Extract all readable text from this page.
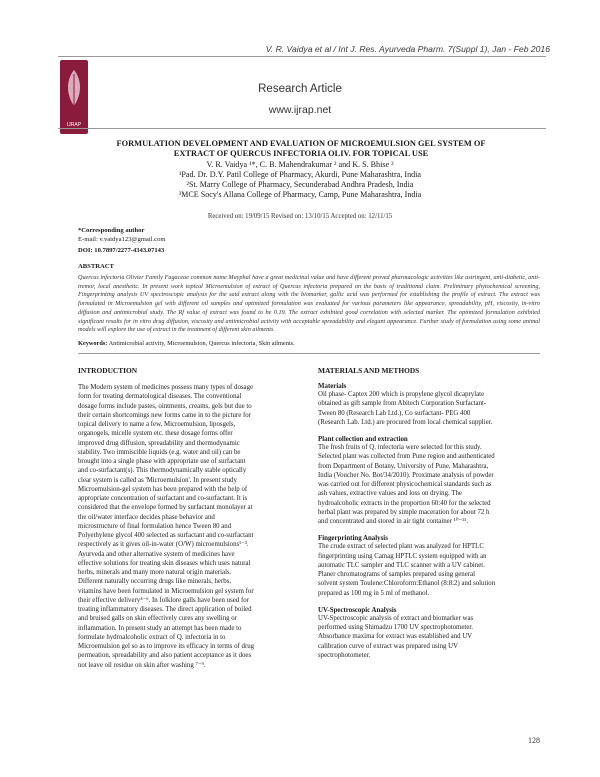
V. R. Vaidya et al / Int J. Res. Ayurveda Pharm. 7(Suppl 1), Jan - Feb 2016
IJRAP
Research Article
www.ijrap.net
FORMULATION DEVELOPMENT AND EVALUATION OF MICROEMULSION GEL SYSTEM OF
EXTRACT OF QUERCUS INFECTORIA OLIV. FOR TOPICAL USE
V. R. Vaidya ¹*, C. B. Mahendrakumar ² and K. S. Bhise ³
¹Pad. Dr. D.Y. Patil College of Pharmacy, Akurdi, Pune Maharashtra, India
²St. Marry College of Pharmacy, Secunderabad Andhra Pradesh, India
³MCE Socy's Allana College of Pharmacy, Camp, Pune Maharashtra, India
Received on: 19/09/15 Revised on: 13/10/15 Accepted on: 12/11/15
*Corresponding author
E-mail: v.vaidya123@gmail.com
DOI: 10.7897/2277-4343.07143
ABSTRACT
Quercus infectoria Olivier Family Fagaceae common name Mayphal have a great medicinal value and have different proved pharmacologic activities like astringent, anti-diabetic, anti-tremor, local anesthetic. In present work topical Microemulsion of extract of Quercus infectoria prepared on the basis of traditional claim. Preliminary phytochemical screening, Fingerprinting analysis UV spectroscopic analysis for the said extract along with the biomarker, gallic acid was performed for establishing the profile of extract. The extract was formulated in Microemulsion gel with different oil samples and optimized formulation was evaluated for various parameters like appearance, spreadability, pH, viscosity, in-vitro diffusion and antimicrobial study. The Rf value of extract was found to be 0.19. The extract exhibited good correlation with selected marker. The optimized formulation exhibited significant results for in vitro drug diffusion, viscosity and antimicrobial activity with acceptable spreadability and elegant appearance. Further study of formulation using some animal models will explore the use of extract in the treatment of different skin ailments.
Keywords: Antimicrobial activity, Microemulsion, Quercus infectoria, Skin ailments.
INTRODUCTION
The Modern system of medicines possess many types of dosage
form for treating dermatological diseases. The conventional
dosage forms include pastes, ointments, creams, gels but due to
their certain shortcomings new forms came in to the picture for
topical delivery to name a few, Microemulsion, liposgels,
organogels, micelle system etc. these dosage forms offer
improved drug diffusion, spreadability and thermodynamic
stability. Two immiscible liquids (e.g. water and oil) can be
brought into a single phase with appropriate use of surfactant
and co-surfactant(s). This thermodynamically stable optically
clear system is called as 'Microemulsion'. In present study
Microemulsion-gel system has been prepared with the help of
appropriate concentration of surfactant and co-surfactant. It is
considered that the envelope formed by surfactant monolayer at
the oil/water interface decides phase behavior and
microstructure of final formulation hence Tween 80 and
Polyethylene glycol 400 selected as surfactant and co-surfactant
respectively as it gives oil-in-water (O/W) microemulsions¹⁻³.
Ayurveda and other alternative system of medicines have
effective solutions for treating skin diseases which uses natural
herbs, minerals and many more natural origin materials.
Different naturally occurring drugs like minerals, herbs,
vitamins have been formulated in Microemulsion gel system for
their effective delivery⁴⁻⁶. In folklore galls have been used for
treating inflammatory diseases. The direct application of boiled
and bruised galls on skin effectively cures any swelling or
inflammation. In present study an attempt has been made to
formulate hydroalcoholic extract of Q. infectoria in to
Microemulsion gel so as to improve its efficacy in terms of drug
permeation, spreadability and also patient acceptance as it does
not leave oil residue on skin after washing ⁷⁻⁹.
MATERIALS AND METHODS
Materials
Oil phase- Captex 200 which is propylene glycol dicaprylate
obtained as gift sample from Abitech Corporation Surfactant-
Tween 80 (Research Lab Ltd.), Co surfactant- PEG 400
(Research Lab. Ltd.) are procured from local chemical supplier.
Plant collection and extraction
The fresh fruits of Q. infectoria were selected for this study.
Selected plant was collected from Pune region and authenticated
from Department of Botany, University of Pune, Maharashtra,
India (Voucher No. Bot/34/2010). Proximate analysis of powder
was carried out for different physicochemical standards such as
ash values, extractive values and loss on drying. The
hydroalcoholic extracts in the proportion 60:40 for the selected
herbal plant was prepared by simple maceration for about 72 h
and concentrated and stored in air tight container ¹⁰⁻¹¹.
Fingerprinting Analysis
The crude extract of selected plant was analyzed for HPTLC
fingerprinting using Camag HPTLC system equipped with an
automatic TLC sampler and TLC scanner with a UV cabinet.
Planer chromatograms of samples prepared using general
solvent system Toulene:Chloroform:Ethanol (8:8:2) and solution
prepared as 100 mg in 5 ml of methanol.
UV-Spectroscopic Analysis
UV-Spectroscopic analysis of extract and biomarker was
performed using Shimadzu 1700 UV spectrophotometer.
Absorbance maxima for extract was established and UV
calibration curve of extract was prepared using UV
spectrophotometer.
128
